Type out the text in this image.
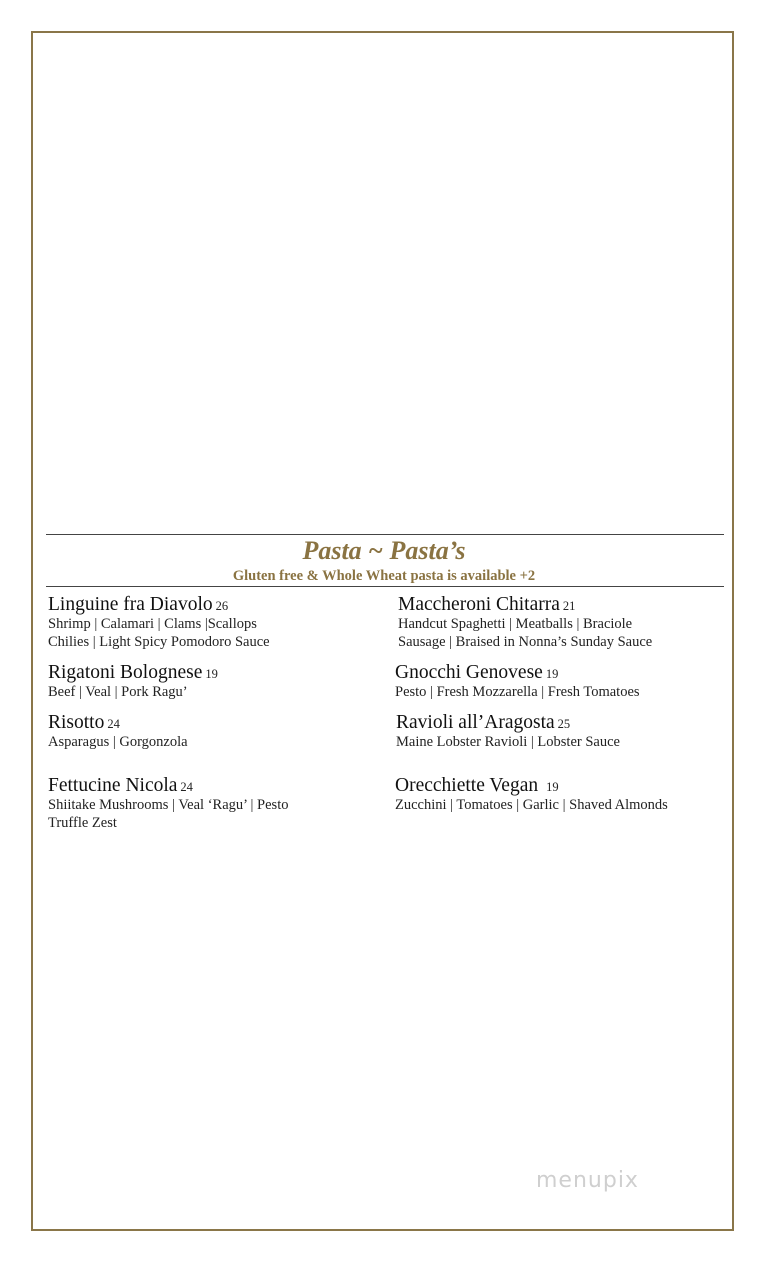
Pasta ~ Pasta’s
Gluten free & Whole Wheat pasta is available +2
Linguine fra Diavolo 26
Shrimp | Calamari | Clams |Scallops
Chilies | Light Spicy Pomodoro Sauce
Rigatoni Bolognese 19
Beef | Veal | Pork Ragu’
Risotto 24
Asparagus | Gorgonzola
Fettucine Nicola 24
Shiitake Mushrooms | Veal ‘Ragu’ | Pesto
Truffle Zest
Maccheroni Chitarra 21
Handcut Spaghetti | Meatballs | Braciole
Sausage | Braised in Nonna’s Sunday Sauce
Gnocchi Genovese 19
Pesto | Fresh Mozzarella | Fresh Tomatoes
Ravioli all’Aragosta 25
Maine Lobster Ravioli | Lobster Sauce
Orecchiette Vegan 19
Zucchini | Tomatoes | Garlic | Shaved Almonds
menupix
